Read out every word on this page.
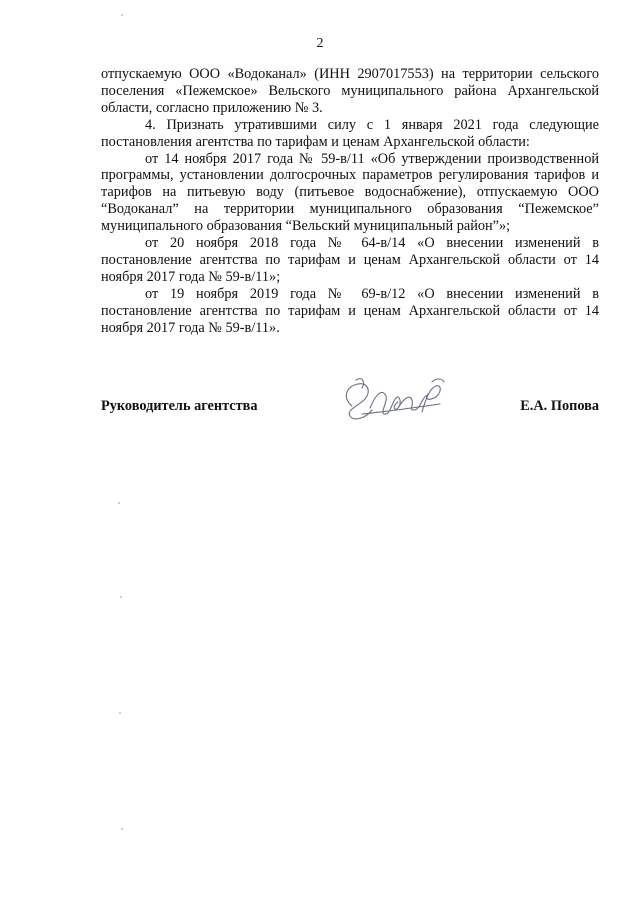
2

отпускаемую ООО «Водоканал» (ИНН 2907017553) на территории сельского поселения «Пежемское» Вельского муниципального района Архангельской области, согласно приложению № 3.

4. Признать утратившими силу с 1 января 2021 года следующие постановления агентства по тарифам и ценам Архангельской области:

от 14 ноября 2017 года № 59-в/11 «Об утверждении производственной программы, установлении долгосрочных параметров регулирования тарифов и тарифов на питьевую воду (питьевое водоснабжение), отпускаемую ООО “Водоканал” на территории муниципального образования “Пежемское” муниципального образования “Вельский муниципальный район”»;

от 20 ноября 2018 года № 64-в/14 «О внесении изменений в постановление агентства по тарифам и ценам Архангельской области от 14 ноября 2017 года № 59-в/11»;

от 19 ноября 2019 года № 69-в/12 «О внесении изменений в постановление агентства по тарифам и ценам Архангельской области от 14 ноября 2017 года № 59-в/11».

Руководитель агентства	Е.А. Попова
